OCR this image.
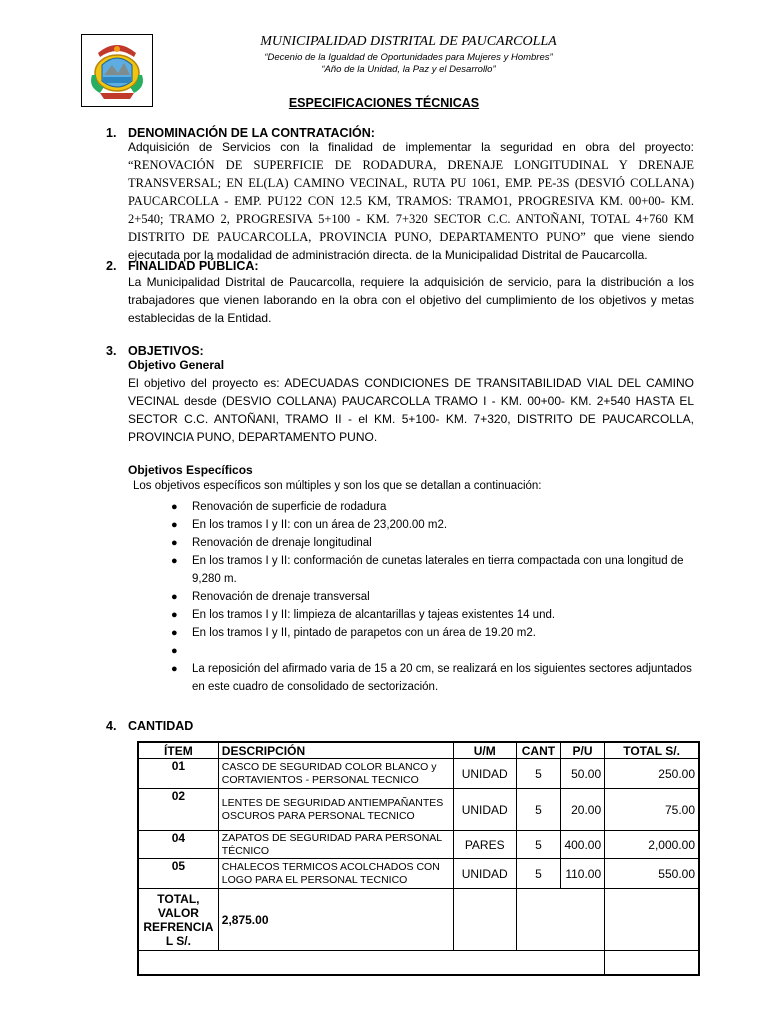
MUNICIPALIDAD DISTRITAL DE PAUCARCOLLA
“Decenio de la Igualdad de Oportunidades para Mujeres y Hombres”
“Año de la Unidad, la Paz y el Desarrollo”
ESPECIFICACIONES TÉCNICAS
1. DENOMINACIÓN DE LA CONTRATACIÓN:
Adquisición de Servicios con la finalidad de implementar la seguridad en obra del proyecto: “RENOVACIÓN DE SUPERFICIE DE RODADURA, DRENAJE LONGITUDINAL Y DRENAJE TRANSVERSAL; EN EL(LA) CAMINO VECINAL, RUTA PU 1061, EMP. PE-3S (DESVIÓ COLLANA) PAUCARCOLLA - EMP. PU122 CON 12.5 KM, TRAMOS: TRAMO1, PROGRESIVA KM. 00+00- KM. 2+540; TRAMO 2, PROGRESIVA 5+100 - KM. 7+320 SECTOR C.C. ANTOÑANI, TOTAL 4+760 KM DISTRITO DE PAUCARCOLLA, PROVINCIA PUNO, DEPARTAMENTO PUNO” que viene siendo ejecutada por la modalidad de administración directa. de la Municipalidad Distrital de Paucarcolla.
2. FINALIDAD PÚBLICA:
La Municipalidad Distrital de Paucarcolla, requiere la adquisición de servicio, para la distribución a los trabajadores que vienen laborando en la obra con el objetivo del cumplimiento de los objetivos y metas establecidas de la Entidad.
3. OBJETIVOS:
Objetivo General
El objetivo del proyecto es: ADECUADAS CONDICIONES DE TRANSITABILIDAD VIAL DEL CAMINO VECINAL desde (DESVIO COLLANA) PAUCARCOLLA TRAMO I - KM. 00+00- KM. 2+540 HASTA EL SECTOR C.C. ANTOÑANI, TRAMO II - el KM. 5+100- KM. 7+320, DISTRITO DE PAUCARCOLLA, PROVINCIA PUNO, DEPARTAMENTO PUNO.
Objetivos Específicos
Los objetivos específicos son múltiples y son los que se detallan a continuación:
● Renovación de superficie de rodadura
● En los tramos I y II: con un área de 23,200.00 m2.
● Renovación de drenaje longitudinal
● En los tramos I y II: conformación de cunetas laterales en tierra compactada con una longitud de 9,280 m.
● Renovación de drenaje transversal
● En los tramos I y II: limpieza de alcantarillas y tajeas existentes 14 und.
● En los tramos I y II, pintado de parapetos con un área de 19.20 m2.
●
● La reposición del afirmado varia de 15 a 20 cm, se realizará en los siguientes sectores adjuntados en este cuadro de consolidado de sectorización.
4. CANTIDAD
ÍTEM	DESCRIPCIÓN	U/M	CANT	P/U	TOTAL S/.
01	CASCO DE SEGURIDAD COLOR BLANCO y CORTAVIENTOS - PERSONAL TECNICO	UNIDAD	5	50.00	250.00
02	LENTES DE SEGURIDAD ANTIEMPAÑANTES OSCUROS PARA PERSONAL TECNICO	UNIDAD	5	20.00	75.00
04	ZAPATOS DE SEGURIDAD PARA PERSONAL TÉCNICO	PARES	5	400.00	2,000.00
05	CHALECOS TERMICOS ACOLCHADOS CON LOGO PARA EL PERSONAL TECNICO	UNIDAD	5	110.00	550.00
TOTAL, VALOR REFRENCIA L S/.	2,875.00				
